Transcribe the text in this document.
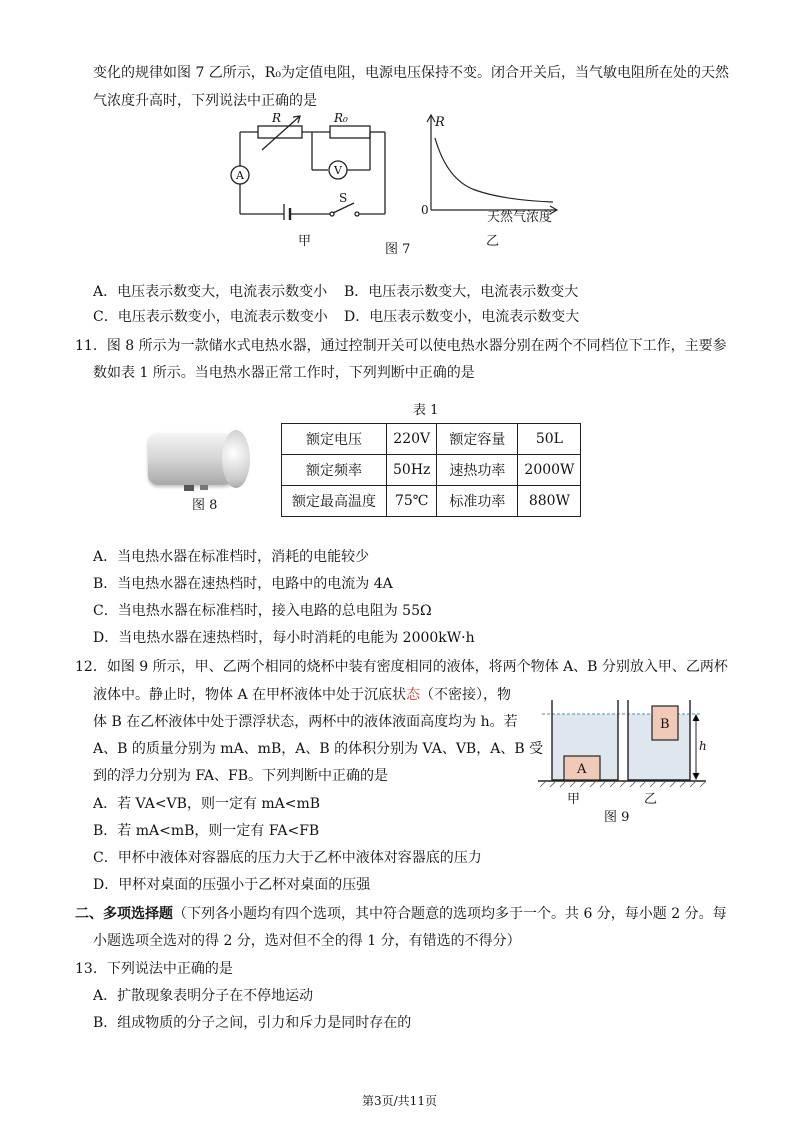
变化的规律如图 7 乙所示，R₀为定值电阻，电源电压保持不变。闭合开关后，当气敏电阻所在处的天然
气浓度升高时，下列说法中正确的是
R	R₀
V
A
S
甲
图 7
R
0	天然气浓度
乙
A．电压表示数变大，电流表示数变小 B．电压表示数变大，电流表示数变大
C．电压表示数变小，电流表示数变小 D．电压表示数变小，电流表示数变大
11．图 8 所示为一款储水式电热水器，通过控制开关可以使电热水器分别在两个不同档位下工作，主要参
数如表 1 所示。当电热水器正常工作时，下列判断中正确的是
表 1
图 8
额定电压	220V	额定容量	50L
额定频率	50Hz	速热功率	2000W
额定最高温度	75℃	标准功率	880W
A．当电热水器在标准档时，消耗的电能较少
B．当电热水器在速热档时，电路中的电流为 4A
C．当电热水器在标准档时，接入电路的总电阻为 55Ω
D．当电热水器在速热档时，每小时消耗的电能为 2000kW·h
12．如图 9 所示，甲、乙两个相同的烧杯中装有密度相同的液体，将两个物体 A、B 分别放入甲、乙两杯
液体中。静止时，物体 A 在甲杯液体中处于沉底状态（不密接），物
体 B 在乙杯液体中处于漂浮状态，两杯中的液体液面高度均为 h。若
A、B 的质量分别为 mA、mB，A、B 的体积分别为 VA、VB，A、B 受
到的浮力分别为 FA、FB。下列判断中正确的是
A．若 VA<VB，则一定有 mA<mB
B．若 mA<mB，则一定有 FA<FB
C．甲杯中液体对容器底的压力大于乙杯中液体对容器底的压力
D．甲杯对桌面的压强小于乙杯对桌面的压强
A
B
h
甲	乙
图 9
二、多项选择题（下列各小题均有四个选项，其中符合题意的选项均多于一个。共 6 分，每小题 2 分。每
小题选项全选对的得 2 分，选对但不全的得 1 分，有错选的不得分）
13．下列说法中正确的是
A．扩散现象表明分子在不停地运动
B．组成物质的分子之间，引力和斥力是同时存在的
第3页/共11页
